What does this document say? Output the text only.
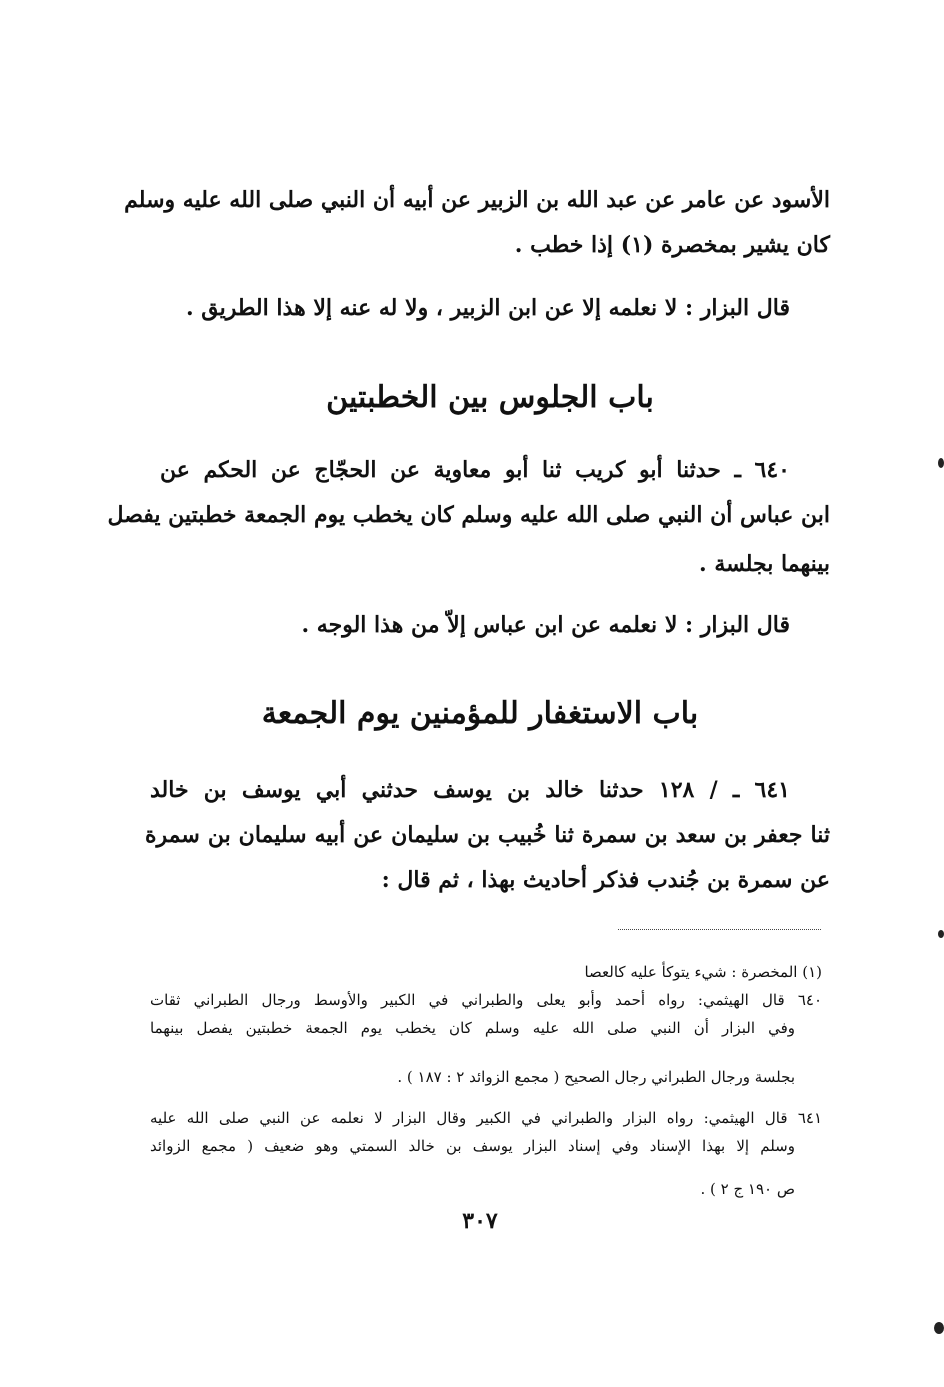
الأسود عن عامر عن عبد الله بن الزبير عن أبيه أن النبي صلى الله عليه وسلم
كان يشير بمخصرة (١) إذا خطب .
قال البزار : لا نعلمه إلا عن ابن الزبير ، ولا له عنه إلا هذا الطريق .
باب الجلوس بين الخطبتين
٦٤٠ ـ حدثنا أبو كريب ثنا أبو معاوية عن الحجّاج عن الحكم عن
ابن عباس أن النبي صلى الله عليه وسلم كان يخطب يوم الجمعة خطبتين يفصل
بينهما بجلسة .
قال البزار : لا نعلمه عن ابن عباس إلاّ من هذا الوجه .
باب الاستغفار للمؤمنين يوم الجمعة
٦٤١ ـ / ١٢٨ حدثنا خالد بن يوسف حدثني أبي يوسف بن خالد
ثنا جعفر بن سعد بن سمرة ثنا خُبيب بن سليمان عن أبيه سليمان بن سمرة
عن سمرة بن جُندب فذكر أحاديث بهذا ، ثم قال :
(١) المخصرة : شيء يتوكأ عليه كالعصا
٦٤٠ قال الهيثمي: رواه أحمد وأبو يعلى والطبراني في الكبير والأوسط ورجال الطبراني ثقات
وفي البزار أن النبي صلى الله عليه وسلم كان يخطب يوم الجمعة خطبتين يفصل بينهما
بجلسة ورجال الطبراني رجال الصحيح ( مجمع الزوائد ٢ : ١٨٧ ) .
٦٤١ قال الهيثمي: رواه البزار والطبراني في الكبير وقال البزار لا نعلمه عن النبي صلى الله عليه
وسلم إلا بهذا الإسناد وفي إسناد البزار يوسف بن خالد السمتي وهو ضعيف ( مجمع الزوائد
ص ١٩٠ ج ٢ ) .
٣٠٧
